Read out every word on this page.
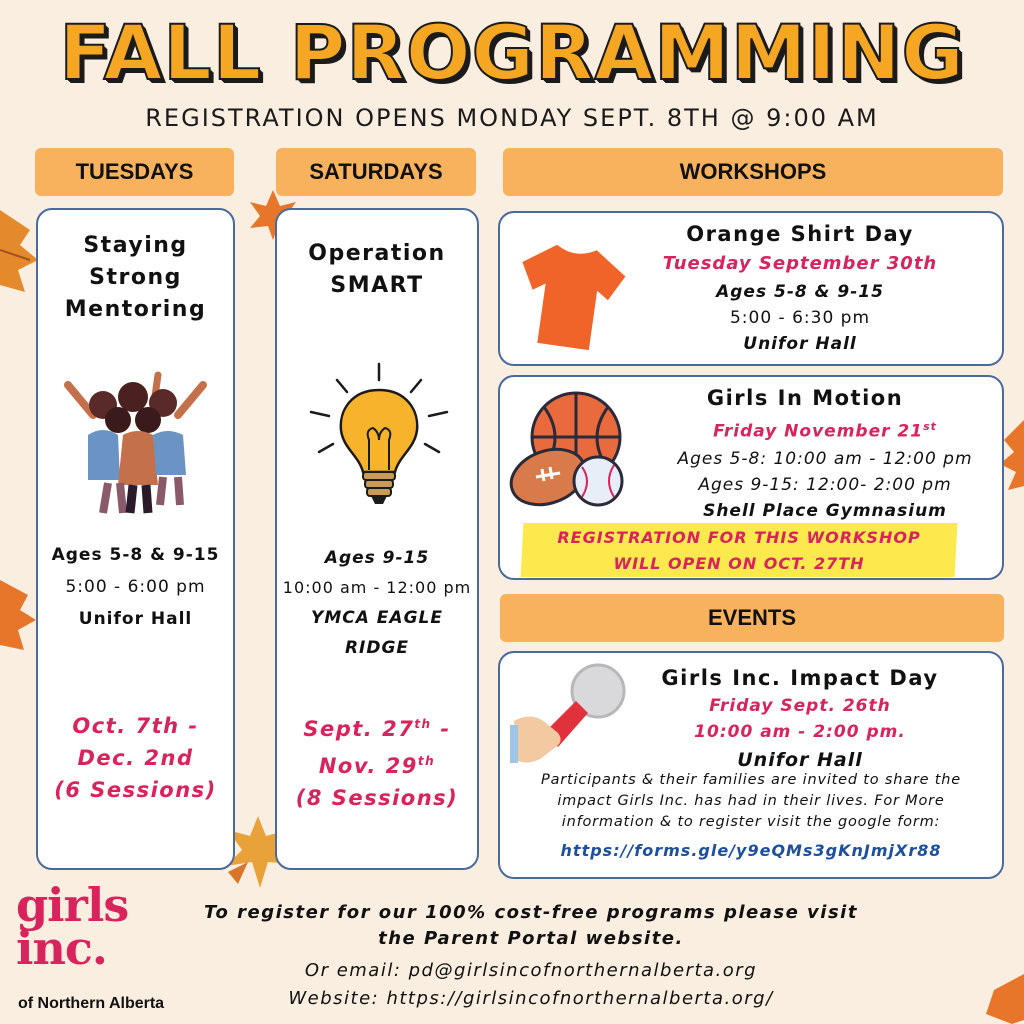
FALL PROGRAMMING
REGISTRATION OPENS MONDAY SEPT. 8TH @ 9:00 AM
TUESDAYS	SATURDAYS	WORKSHOPS
Staying
Strong
Mentoring
Ages 5-8 & 9-15
5:00 - 6:00 pm
Unifor Hall
Oct. 7th -
Dec. 2nd
(6 Sessions)
Operation
SMART
Ages 9-15
10:00 am - 12:00 pm
YMCA EAGLE
RIDGE
Sept. 27th -
Nov. 29th
(8 Sessions)
Orange Shirt Day
Tuesday September 30th
Ages 5-8 & 9-15
5:00 - 6:30 pm
Unifor Hall
Girls In Motion
Friday November 21st
Ages 5-8: 10:00 am - 12:00 pm
Ages 9-15: 12:00- 2:00 pm
Shell Place Gymnasium
REGISTRATION FOR THIS WORKSHOP
WILL OPEN ON OCT. 27TH
EVENTS
Girls Inc. Impact Day
Friday Sept. 26th
10:00 am - 2:00 pm.
Unifor Hall
Participants & their families are invited to share the
impact Girls Inc. has had in their lives. For More
information & to register visit the google form:
https://forms.gle/y9eQMs3gKnJmjXr88
girls
inc.
of Northern Alberta
To register for our 100% cost-free programs please visit
the Parent Portal website.
Or email: pd@girlsincofnorthernalberta.org
Website: https://girlsincofnorthernalberta.org/
